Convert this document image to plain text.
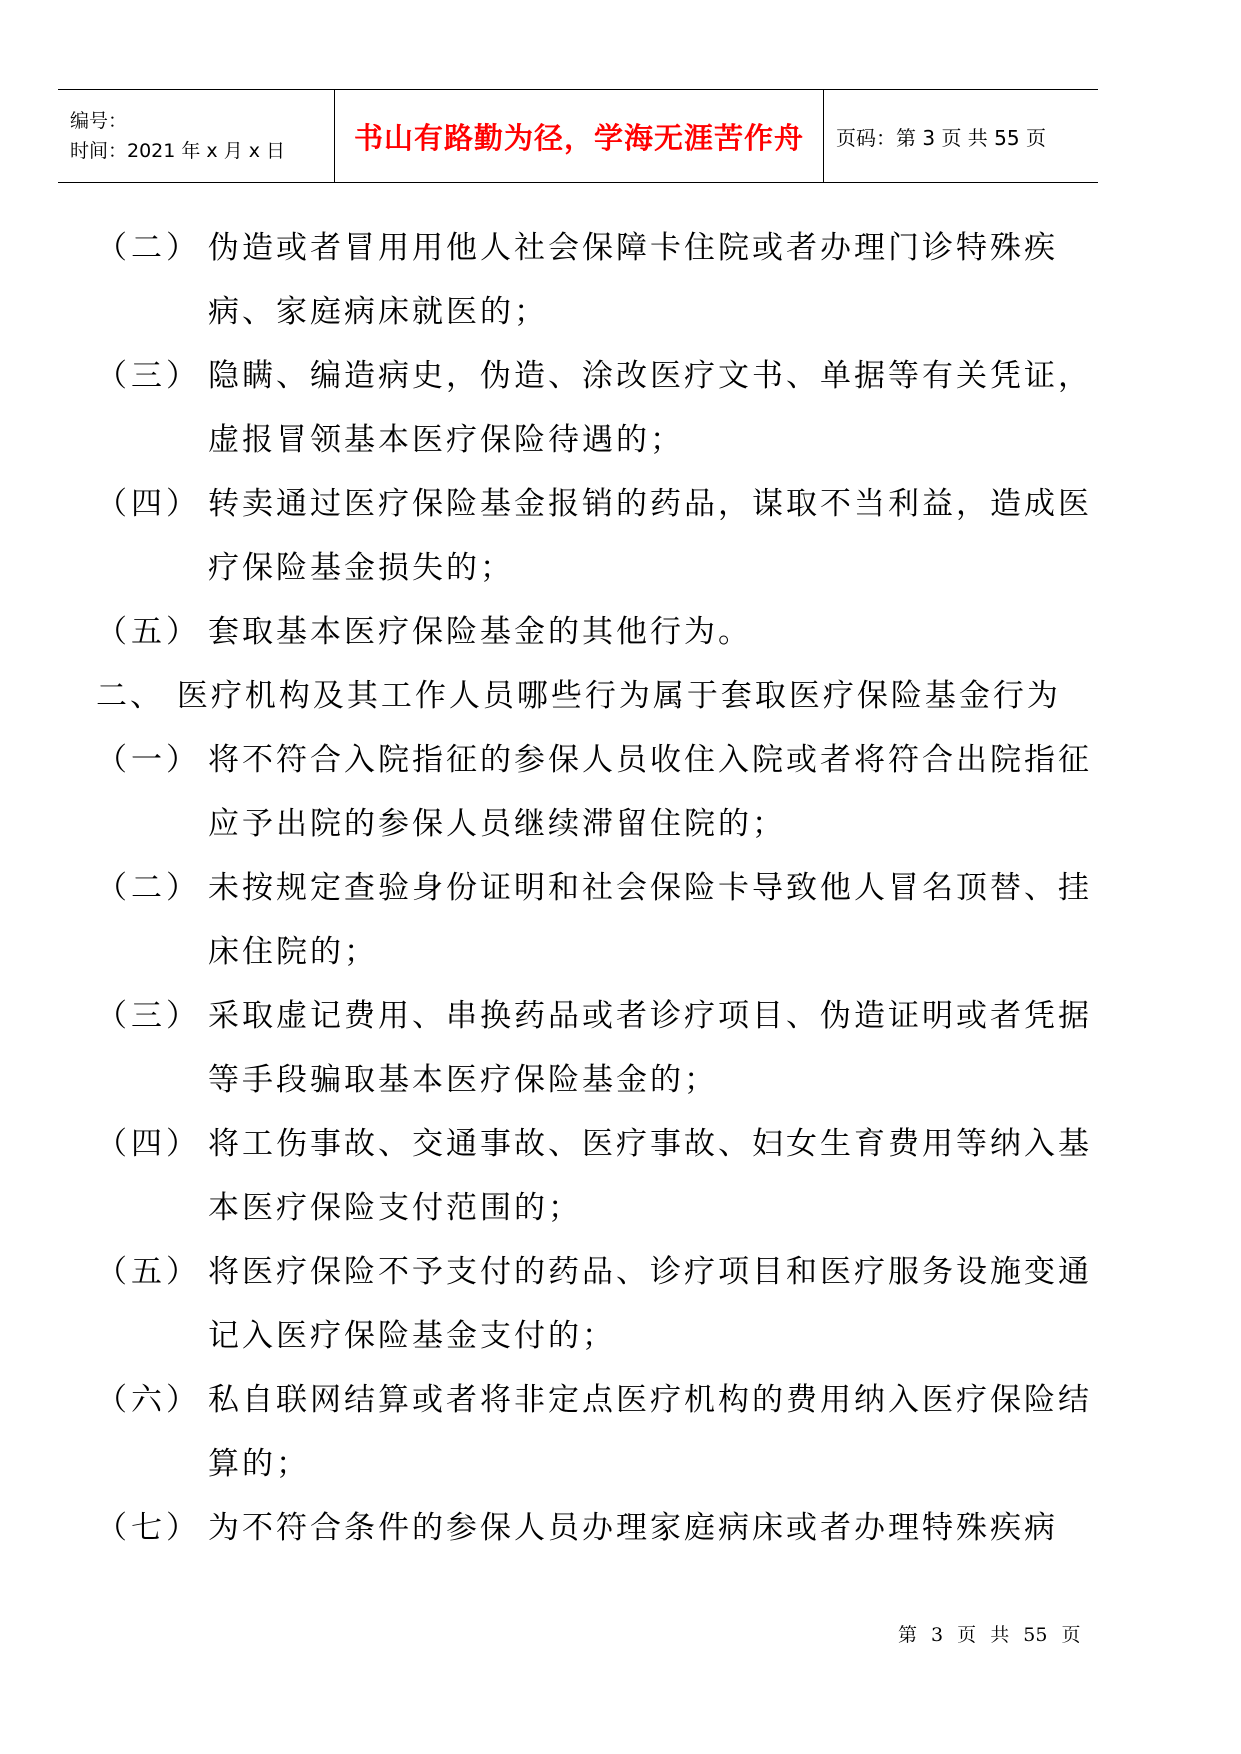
编号：
时间：2021 年 x 月 x 日	书山有路勤为径，学海无涯苦作舟 页码：第 3 页 共 55 页
（二） 伪造或者冒用用他人社会保障卡住院或者办理门诊特殊疾病、家庭病床就医的；
（三） 隐瞒、编造病史，伪造、涂改医疗文书、单据等有关凭证，虚报冒领基本医疗保险待遇的；
（四） 转卖通过医疗保险基金报销的药品，谋取不当利益，造成医疗保险基金损失的；
（五） 套取基本医疗保险基金的其他行为。
二、 医疗机构及其工作人员哪些行为属于套取医疗保险基金行为
（一） 将不符合入院指征的参保人员收住入院或者将符合出院指征应予出院的参保人员继续滞留住院的；
（二） 未按规定查验身份证明和社会保险卡导致他人冒名顶替、挂床住院的；
（三） 采取虚记费用、串换药品或者诊疗项目、伪造证明或者凭据等手段骗取基本医疗保险基金的；
（四） 将工伤事故、交通事故、医疗事故、妇女生育费用等纳入基本医疗保险支付范围的；
（五） 将医疗保险不予支付的药品、诊疗项目和医疗服务设施变通记入医疗保险基金支付的；
（六） 私自联网结算或者将非定点医疗机构的费用纳入医疗保险结算的；
（七） 为不符合条件的参保人员办理家庭病床或者办理特殊疾病
第 3 页 共 55 页
